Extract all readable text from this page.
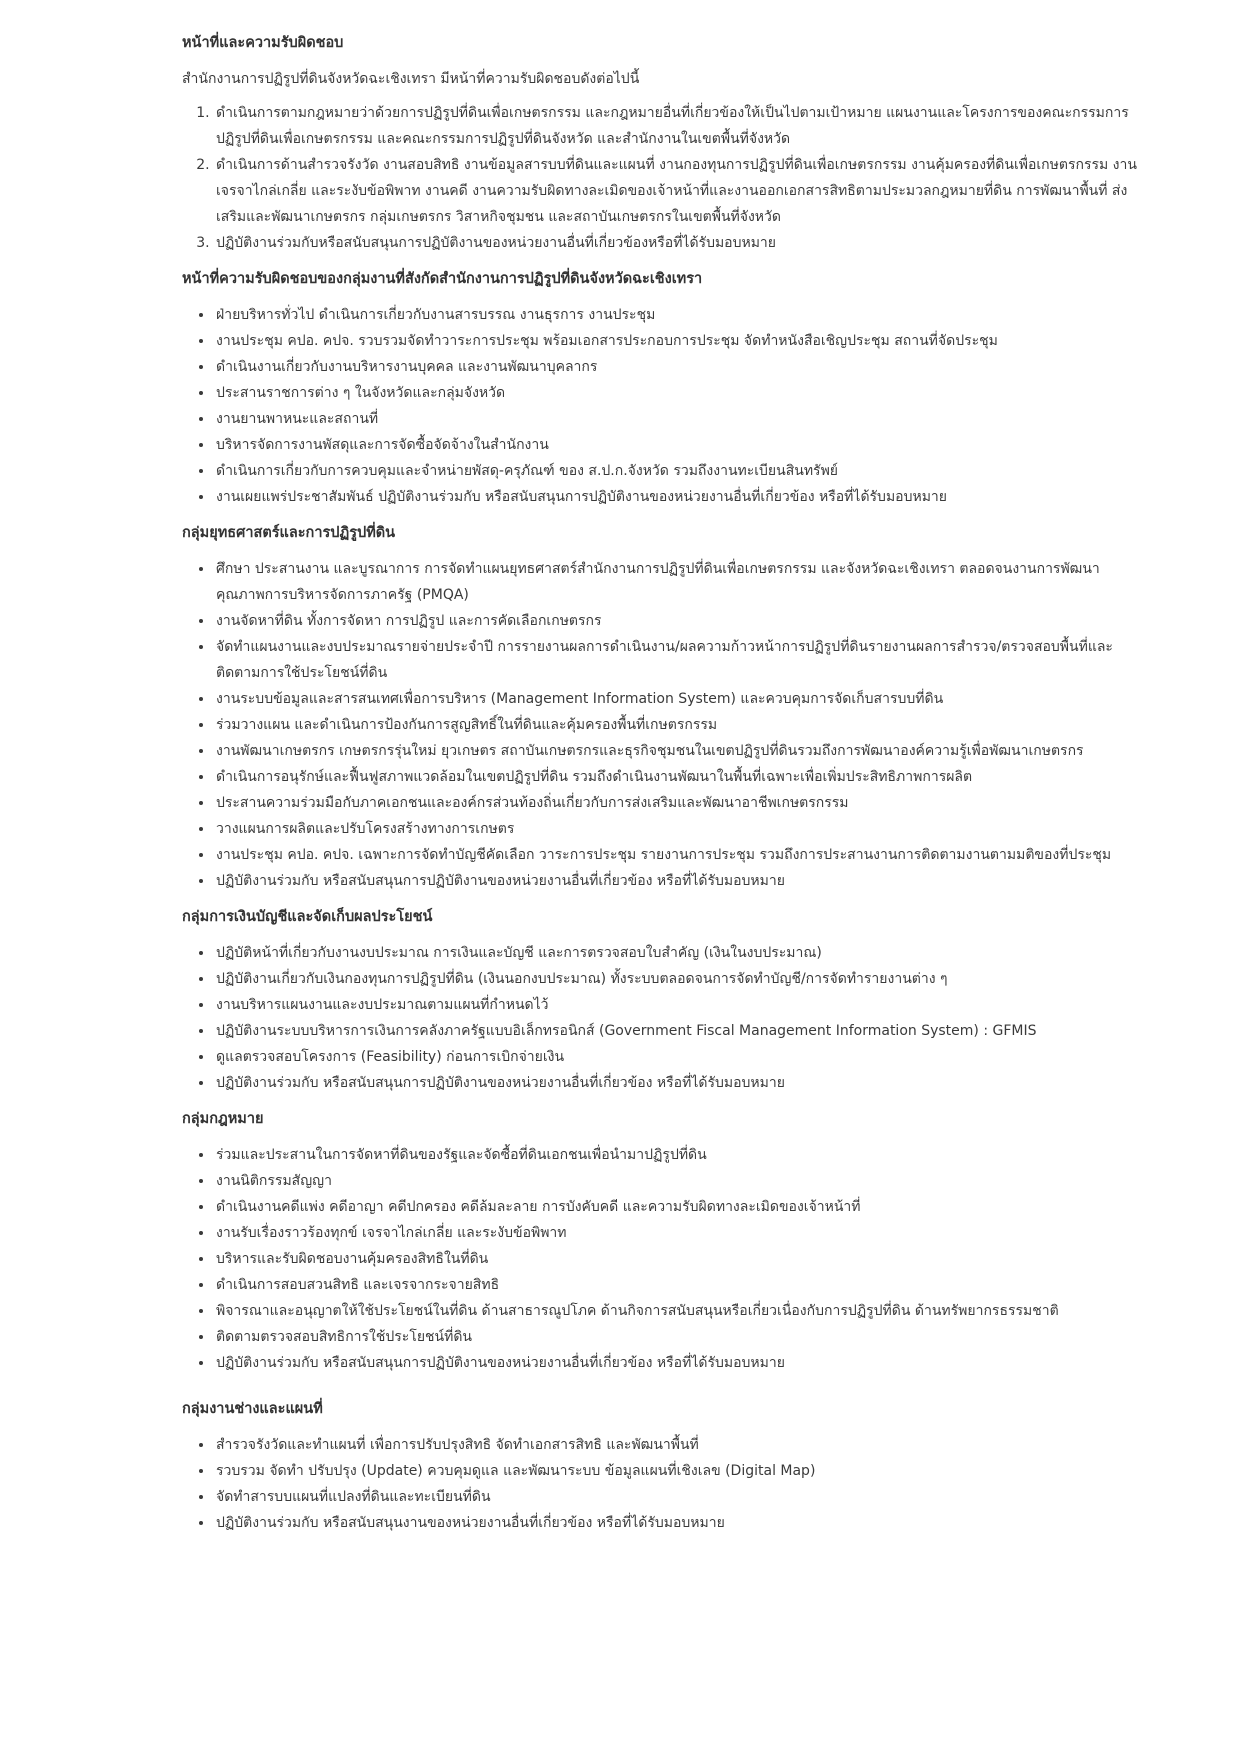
หน้าที่และความรับผิดชอบ

สำนักงานการปฏิรูปที่ดินจังหวัดฉะเชิงเทรา มีหน้าที่ความรับผิดชอบดังต่อไปนี้

1. ดำเนินการตามกฎหมายว่าด้วยการปฏิรูปที่ดินเพื่อเกษตรกรรม และกฎหมายอื่นที่เกี่ยวข้องให้เป็นไปตามเป้าหมาย แผนงานและโครงการของคณะกรรมการปฏิรูปที่ดินเพื่อเกษตรกรรม และคณะกรรมการปฏิรูปที่ดินจังหวัด และสำนักงานในเขตพื้นที่จังหวัด
2. ดำเนินการด้านสำรวจรังวัด งานสอบสิทธิ งานข้อมูลสารบบที่ดินและแผนที่ งานกองทุนการปฏิรูปที่ดินเพื่อเกษตรกรรม งานคุ้มครองที่ดินเพื่อเกษตรกรรม งานเจรจาไกล่เกลี่ย และระงับข้อพิพาท งานคดี งานความรับผิดทางละเมิดของเจ้าหน้าที่และงานออกเอกสารสิทธิตามประมวลกฎหมายที่ดิน การพัฒนาพื้นที่ ส่งเสริมและพัฒนาเกษตรกร กลุ่มเกษตรกร วิสาหกิจชุมชน และสถาบันเกษตรกรในเขตพื้นที่จังหวัด
3. ปฏิบัติงานร่วมกับหรือสนับสนุนการปฏิบัติงานของหน่วยงานอื่นที่เกี่ยวข้องหรือที่ได้รับมอบหมาย
หน้าที่ความรับผิดชอบของกลุ่มงานที่สังกัดสำนักงานการปฏิรูปที่ดินจังหวัดฉะเชิงเทรา
• ฝ่ายบริหารทั่วไป ดำเนินการเกี่ยวกับงานสารบรรณ งานธุรการ งานประชุม
• งานประชุม คปอ. คปจ. รวบรวมจัดทำวาระการประชุม พร้อมเอกสารประกอบการประชุม จัดทำหนังสือเชิญประชุม สถานที่จัดประชุม
• ดำเนินงานเกี่ยวกับงานบริหารงานบุคคล และงานพัฒนาบุคลากร
• ประสานราชการต่าง ๆ ในจังหวัดและกลุ่มจังหวัด
• งานยานพาหนะและสถานที่
• บริหารจัดการงานพัสดุและการจัดซื้อจัดจ้างในสำนักงาน
• ดำเนินการเกี่ยวกับการควบคุมและจำหน่ายพัสดุ-ครุภัณฑ์ ของ ส.ป.ก.จังหวัด รวมถึงงานทะเบียนสินทรัพย์
• งานเผยแพร่ประชาสัมพันธ์ ปฏิบัติงานร่วมกับ หรือสนับสนุนการปฏิบัติงานของหน่วยงานอื่นที่เกี่ยวข้อง หรือที่ได้รับมอบหมาย
กลุ่มยุทธศาสตร์และการปฏิรูปที่ดิน
• ศึกษา ประสานงาน และบูรณาการ การจัดทำแผนยุทธศาสตร์สำนักงานการปฏิรูปที่ดินเพื่อเกษตรกรรม และจังหวัดฉะเชิงเทรา ตลอดจนงานการพัฒนาคุณภาพการบริหารจัดการภาครัฐ (PMQA)
• งานจัดหาที่ดิน ทั้งการจัดหา การปฏิรูป และการคัดเลือกเกษตรกร
• จัดทำแผนงานและงบประมาณรายจ่ายประจำปี การรายงานผลการดำเนินงาน/ผลความก้าวหน้าการปฏิรูปที่ดินรายงานผลการสำรวจ/ตรวจสอบพื้นที่และติดตามการใช้ประโยชน์ที่ดิน
• งานระบบข้อมูลและสารสนเทศเพื่อการบริหาร (Management Information System) และควบคุมการจัดเก็บสารบบที่ดิน
• ร่วมวางแผน และดำเนินการป้องกันการสูญสิทธิ์ในที่ดินและคุ้มครองพื้นที่เกษตรกรรม
• งานพัฒนาเกษตรกร เกษตรกรรุ่นใหม่ ยุวเกษตร สถาบันเกษตรกรและธุรกิจชุมชนในเขตปฏิรูปที่ดินรวมถึงการพัฒนาองค์ความรู้เพื่อพัฒนาเกษตรกร
• ดำเนินการอนุรักษ์และฟื้นฟูสภาพแวดล้อมในเขตปฏิรูปที่ดิน รวมถึงดำเนินงานพัฒนาในพื้นที่เฉพาะเพื่อเพิ่มประสิทธิภาพการผลิต
• ประสานความร่วมมือกับภาคเอกชนและองค์กรส่วนท้องถิ่นเกี่ยวกับการส่งเสริมและพัฒนาอาชีพเกษตรกรรม
• วางแผนการผลิตและปรับโครงสร้างทางการเกษตร
• งานประชุม คปอ. คปจ. เฉพาะการจัดทำบัญชีคัดเลือก วาระการประชุม รายงานการประชุม รวมถึงการประสานงานการติดตามงานตามมติของที่ประชุม
• ปฏิบัติงานร่วมกับ หรือสนับสนุนการปฏิบัติงานของหน่วยงานอื่นที่เกี่ยวข้อง หรือที่ได้รับมอบหมาย
กลุ่มการเงินบัญชีและจัดเก็บผลประโยชน์
• ปฏิบัติหน้าที่เกี่ยวกับงานงบประมาณ การเงินและบัญชี และการตรวจสอบใบสำคัญ (เงินในงบประมาณ)
• ปฏิบัติงานเกี่ยวกับเงินกองทุนการปฏิรูปที่ดิน (เงินนอกงบประมาณ) ทั้งระบบตลอดจนการจัดทำบัญชี/การจัดทำรายงานต่าง ๆ
• งานบริหารแผนงานและงบประมาณตามแผนที่กำหนดไว้
• ปฏิบัติงานระบบบริหารการเงินการคลังภาครัฐแบบอิเล็กทรอนิกส์ (Government Fiscal Management Information System) : GFMIS
• ดูแลตรวจสอบโครงการ (Feasibility) ก่อนการเบิกจ่ายเงิน
• ปฏิบัติงานร่วมกับ หรือสนับสนุนการปฏิบัติงานของหน่วยงานอื่นที่เกี่ยวข้อง หรือที่ได้รับมอบหมาย
กลุ่มกฎหมาย
• ร่วมและประสานในการจัดหาที่ดินของรัฐและจัดซื้อที่ดินเอกชนเพื่อนำมาปฏิรูปที่ดิน
• งานนิติกรรมสัญญา
• ดำเนินงานคดีแพ่ง คดีอาญา คดีปกครอง คดีล้มละลาย การบังคับคดี และความรับผิดทางละเมิดของเจ้าหน้าที่
• งานรับเรื่องราวร้องทุกข์ เจรจาไกล่เกลี่ย และระงับข้อพิพาท
• บริหารและรับผิดชอบงานคุ้มครองสิทธิในที่ดิน
• ดำเนินการสอบสวนสิทธิ และเจรจากระจายสิทธิ
• พิจารณาและอนุญาตให้ใช้ประโยชน์ในที่ดิน ด้านสาธารณูปโภค ด้านกิจการสนับสนุนหรือเกี่ยวเนื่องกับการปฏิรูปที่ดิน ด้านทรัพยากรธรรมชาติ
• ติดตามตรวจสอบสิทธิการใช้ประโยชน์ที่ดิน
• ปฏิบัติงานร่วมกับ หรือสนับสนุนการปฏิบัติงานของหน่วยงานอื่นที่เกี่ยวข้อง หรือที่ได้รับมอบหมาย
กลุ่มงานช่างและแผนที่
• สำรวจรังวัดและทำแผนที่ เพื่อการปรับปรุงสิทธิ จัดทำเอกสารสิทธิ และพัฒนาพื้นที่
• รวบรวม จัดทำ ปรับปรุง (Update) ควบคุมดูแล และพัฒนาระบบ ข้อมูลแผนที่เชิงเลข (Digital Map)
• จัดทำสารบบแผนที่แปลงที่ดินและทะเบียนที่ดิน
• ปฏิบัติงานร่วมกับ หรือสนับสนุนงานของหน่วยงานอื่นที่เกี่ยวข้อง หรือที่ได้รับมอบหมาย
